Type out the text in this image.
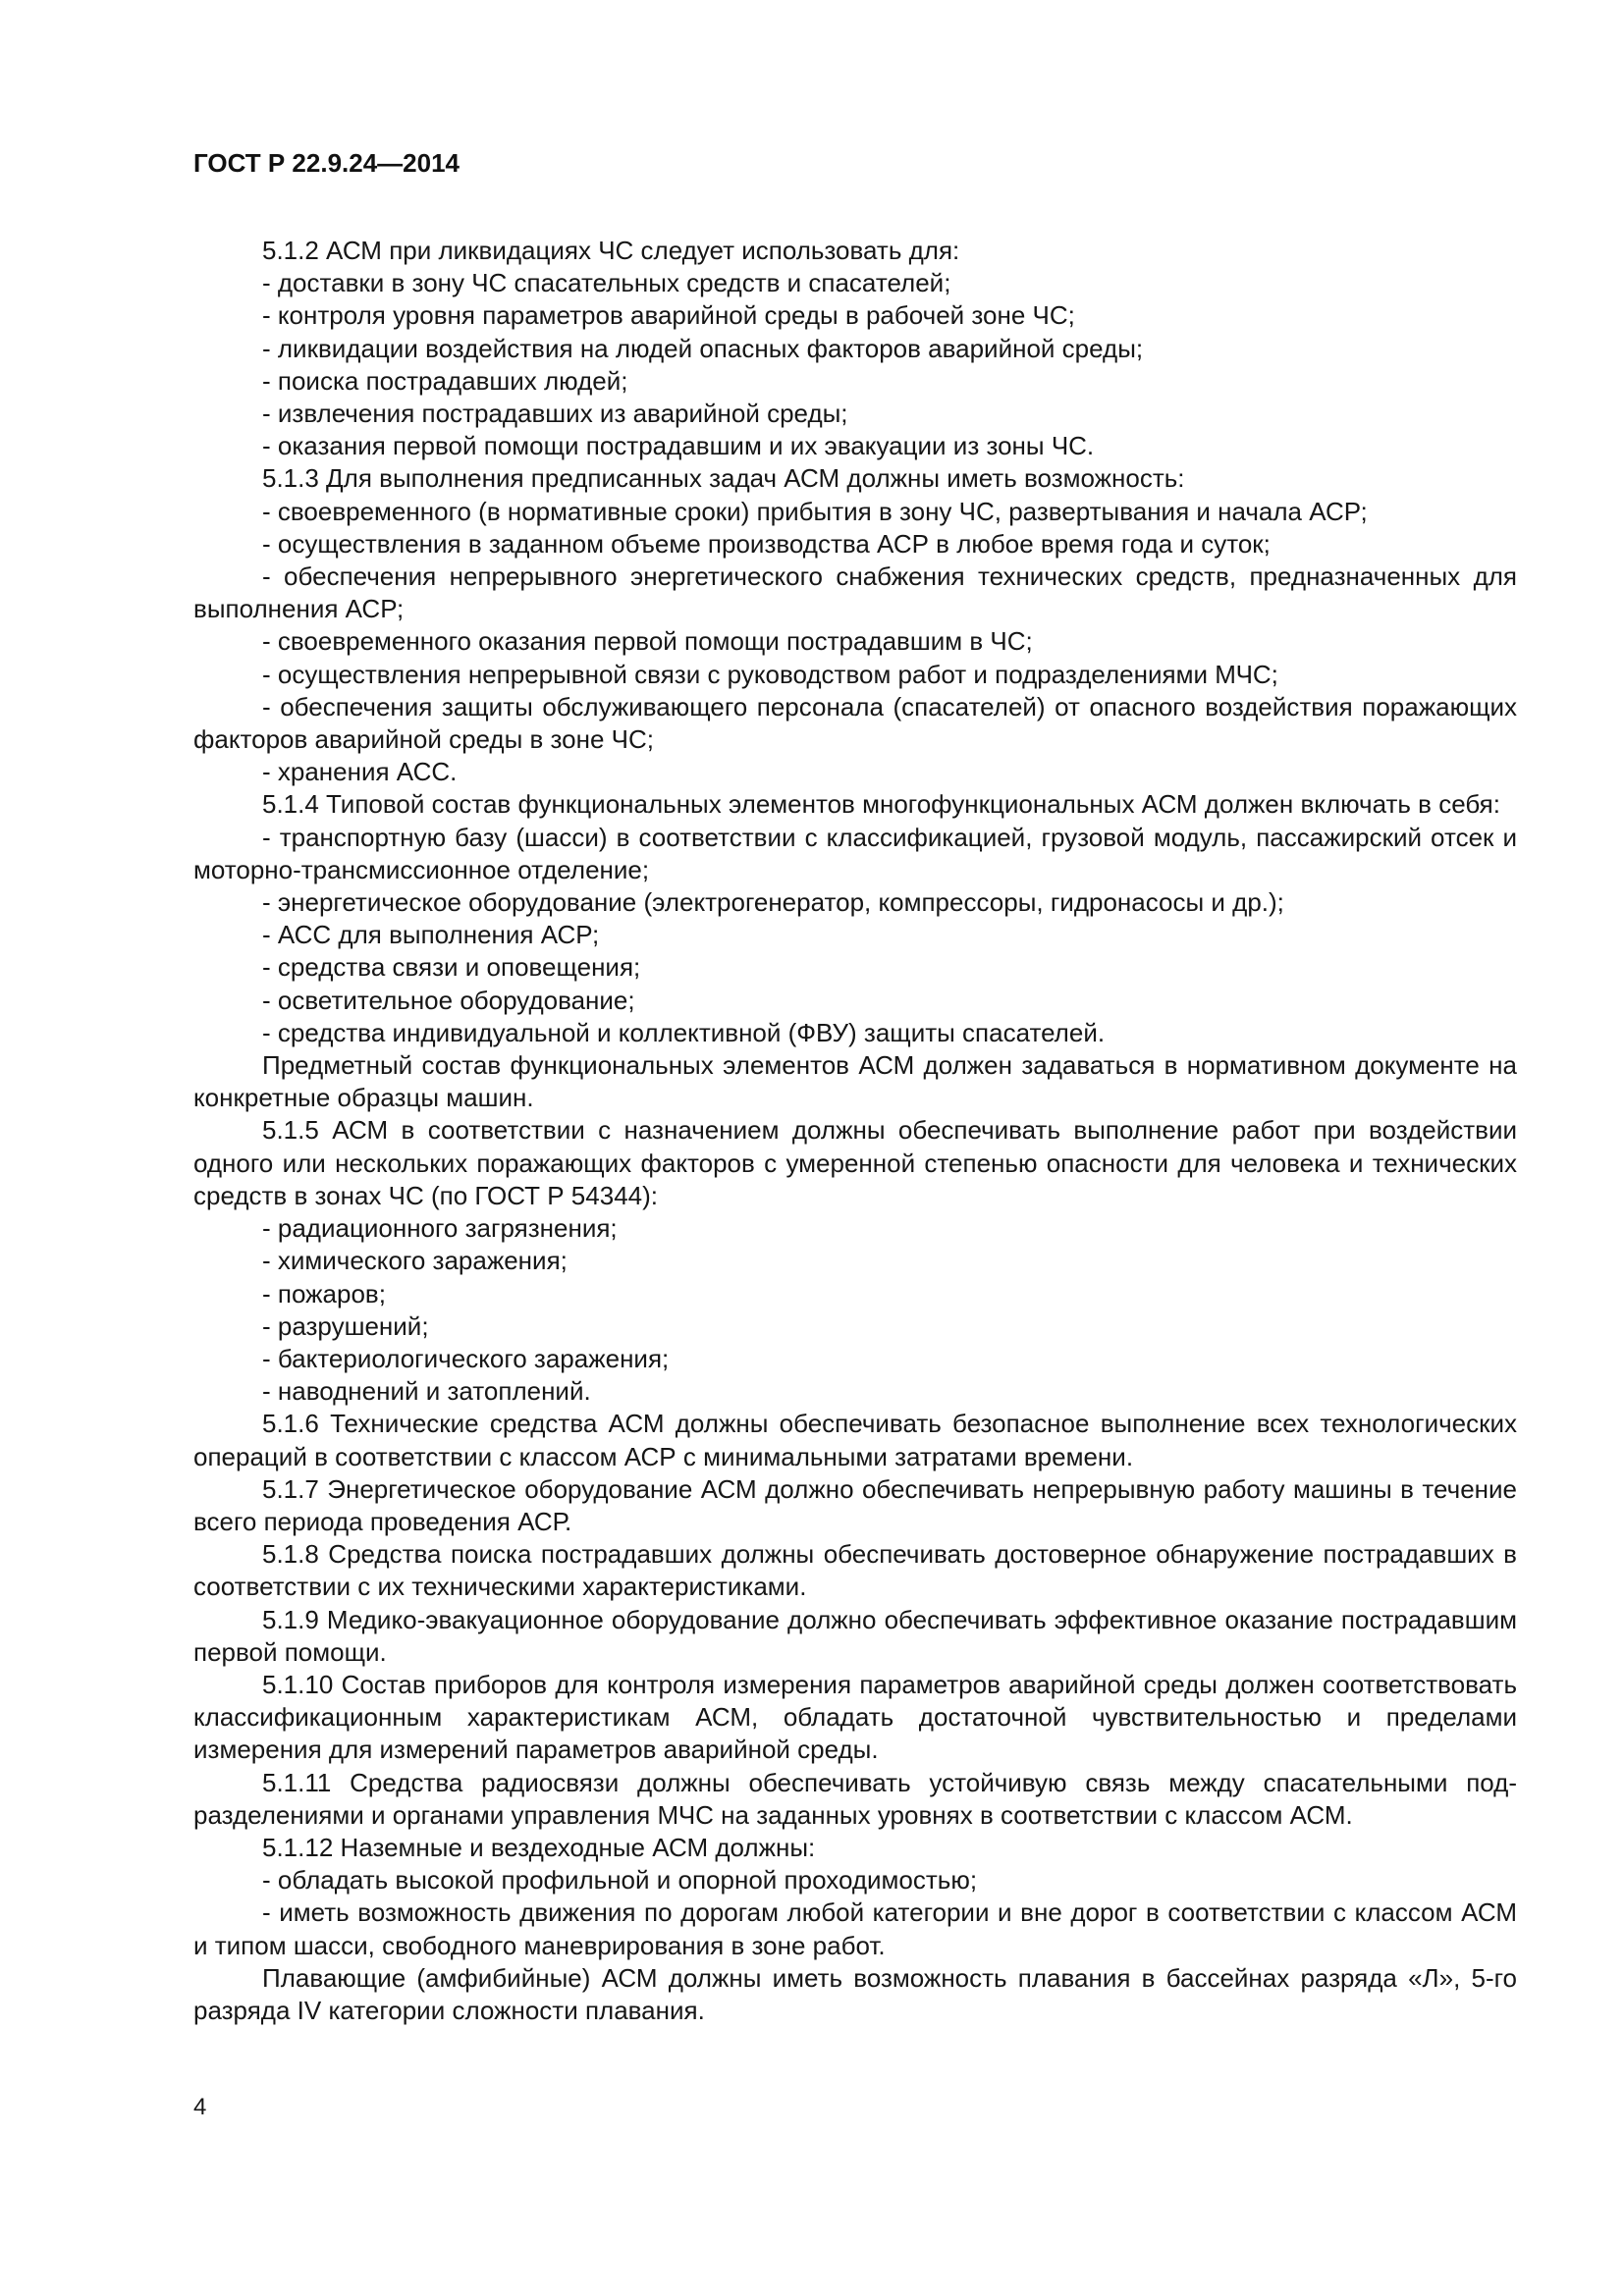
ГОСТ Р 22.9.24—2014

5.1.2 АСМ при ликвидациях ЧС следует использовать для:

- доставки в зону ЧС спасательных средств и спасателей;

- контроля уровня параметров аварийной среды в рабочей зоне ЧС;

- ликвидации воздействия на людей опасных факторов аварийной среды;

- поиска пострадавших людей;

- извлечения пострадавших из аварийной среды;

- оказания первой помощи пострадавшим и их эвакуации из зоны ЧС.

5.1.3 Для выполнения предписанных задач АСМ должны иметь возможность:

- своевременного (в нормативные сроки) прибытия в зону ЧС, развертывания и начала АСР;

- осуществления в заданном объеме производства АСР в любое время года и суток;

- обеспечения непрерывного энергетического снабжения технических средств, предназначенных для выполнения АСР;

- своевременного оказания первой помощи пострадавшим в ЧС;

- осуществления непрерывной связи с руководством работ и подразделениями МЧС;

- обеспечения защиты обслуживающего персонала (спасателей) от опасного воздействия поражающих факторов аварийной среды в зоне ЧС;

- хранения АСС.

5.1.4 Типовой состав функциональных элементов многофункциональных АСМ должен включать в себя:

- транспортную базу (шасси) в соответствии с классификацией, грузовой модуль, пассажирский отсек и моторно-трансмиссионное отделение;

- энергетическое оборудование (электрогенератор, компрессоры, гидронасосы и др.);

- АСС для выполнения АСР;

- средства связи и оповещения;

- осветительное оборудование;

- средства индивидуальной и коллективной (ФВУ) защиты спасателей.

Предметный состав функциональных элементов АСМ должен задаваться в нормативном документе на конкретные образцы машин.

5.1.5 АСМ в соответствии с назначением должны обеспечивать выполнение работ при воздействии одного или нескольких поражающих факторов с умеренной степенью опасности для человека и технических средств в зонах ЧС (по ГОСТ Р 54344):

- радиационного загрязнения;

- химического заражения;

- пожаров;

- разрушений;

- бактериологического заражения;

- наводнений и затоплений.

5.1.6 Технические средства АСМ должны обеспечивать безопасное выполнение всех технологических операций в соответствии с классом АСР с минимальными затратами времени.

5.1.7 Энергетическое оборудование АСМ должно обеспечивать непрерывную работу машины в течение всего периода проведения АСР.

5.1.8 Средства поиска пострадавших должны обеспечивать достоверное обнаружение пострадавших в соответствии с их техническими характеристиками.

5.1.9 Медико-эвакуационное оборудование должно обеспечивать эффективное оказание пострадавшим первой помощи.

5.1.10 Состав приборов для контроля измерения параметров аварийной среды должен соответствовать классификационным характеристикам АСМ, обладать достаточной чувствительностью и пределами измерения для измерений параметров аварийной среды.

5.1.11 Средства радиосвязи должны обеспечивать устойчивую связь между спасательными подразделениями и органами управления МЧС на заданных уровнях в соответствии с классом АСМ.

5.1.12 Наземные и вездеходные АСМ должны:

- обладать высокой профильной и опорной проходимостью;

- иметь возможность движения по дорогам любой категории и вне дорог в соответствии с классом АСМ и типом шасси, свободного маневрирования в зоне работ.

Плавающие (амфибийные) АСМ должны иметь возможность плавания в бассейнах разряда «Л», 5-го разряда IV категории сложности плавания.

4
